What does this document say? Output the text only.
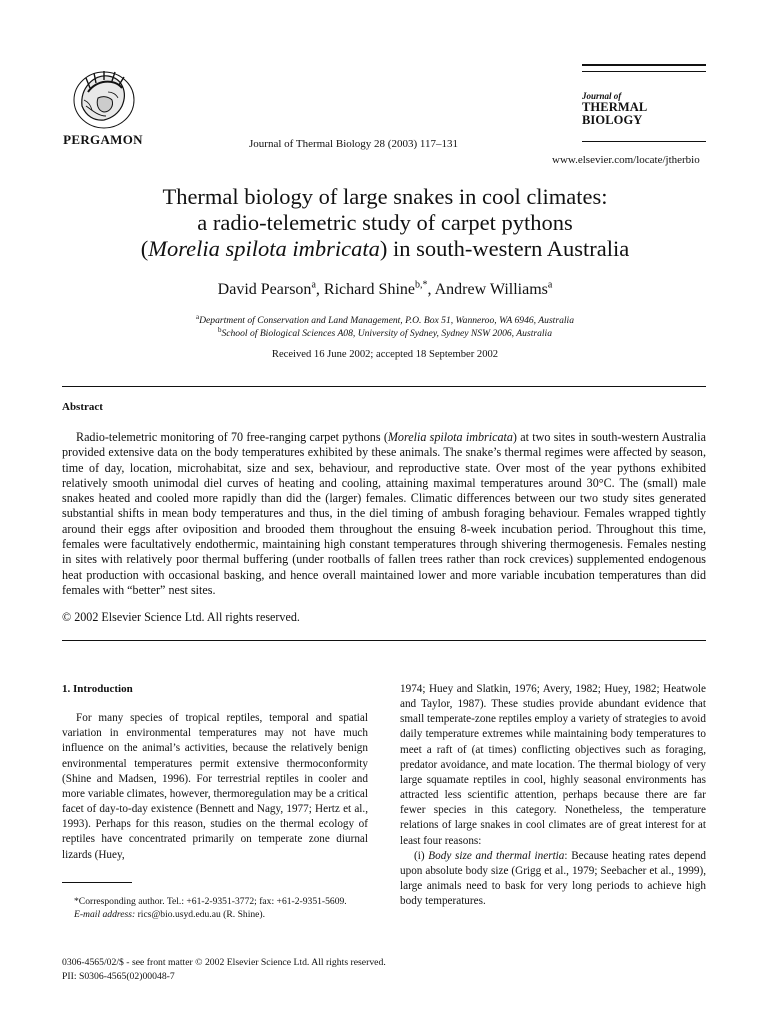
PERGAMON	Journal of Thermal Biology 28 (2003) 117–131
Journal of
THERMAL BIOLOGY
www.elsevier.com/locate/jtherbio
Thermal biology of large snakes in cool climates:
a radio-telemetric study of carpet pythons
(Morelia spilota imbricata) in south-western Australia
David Pearson$^a$, Richard Shine$^{b,*}$, Andrew Williams$^a$
$^a$Department of Conservation and Land Management, P.O. Box 51, Wanneroo, WA 6946, Australia
$^b$School of Biological Sciences A08, University of Sydney, Sydney NSW 2006, Australia
Received 16 June 2002; accepted 18 September 2002
Abstract

Radio-telemetric monitoring of 70 free-ranging carpet pythons (Morelia spilota imbricata) at two sites in south-western Australia provided extensive data on the body temperatures exhibited by these animals. The snake’s thermal regimes were affected by season, time of day, location, microhabitat, size and sex, behaviour, and reproductive state. Over most of the year pythons exhibited relatively smooth unimodal diel curves of heating and cooling, attaining maximal temperatures around 30°C. The (small) male snakes heated and cooled more rapidly than did the (larger) females. Climatic differences between our two study sites generated substantial shifts in mean body temperatures and thus, in the diel timing of ambush foraging behaviour. Females wrapped tightly around their eggs after oviposition and brooded them throughout the ensuing 8-week incubation period. Throughout this time, females were facultatively endothermic, maintaining high constant temperatures through shivering thermogenesis. Females nesting in sites with relatively poor thermal buffering (under rootballs of fallen trees rather than rock crevices) supplemented endogenous heat production with occasional basking, and hence overall maintained lower and more variable incubation temperatures than did females with “better” nest sites.

© 2002 Elsevier Science Ltd. All rights reserved.

1. Introduction

For many species of tropical reptiles, temporal and spatial variation in environmental temperatures may not have much influence on the animal’s activities, because the relatively benign environmental temperatures permit extensive thermoconformity (Shine and Madsen, 1996). For terrestrial reptiles in cooler and more variable climates, however, thermoregulation may be a critical facet of day-to-day existence (Bennett and Nagy, 1977; Hertz et al., 1993). Perhaps for this reason, studies on the thermal ecology of reptiles have concentrated primarily on temperate zone diurnal lizards (Huey,

1974; Huey and Slatkin, 1976; Avery, 1982; Huey, 1982; Heatwole and Taylor, 1987). These studies provide abundant evidence that small temperate-zone reptiles employ a variety of strategies to avoid daily temperature extremes while maintaining body temperatures to meet a raft of (at times) conflicting objectives such as foraging, predator avoidance, and mate location. The thermal biology of very large squamate reptiles in cool, highly seasonal environments has attracted less scientific attention, perhaps because there are far fewer species in this category. Nonetheless, the temperature relations of large snakes in cool climates are of great interest for at least four reasons:

(i) Body size and thermal inertia: Because heating rates depend upon absolute body size (Grigg et al., 1979; Seebacher et al., 1999), large animals need to bask for very long periods to achieve high body temperatures.

*Corresponding author. Tel.: +61-2-9351-3772; fax: +61-2-9351-5609.

E-mail address: rics@bio.usyd.edu.au (R. Shine).

0306-4565/02/$ - see front matter © 2002 Elsevier Science Ltd. All rights reserved.
PII: S0306-4565(02)00048-7
